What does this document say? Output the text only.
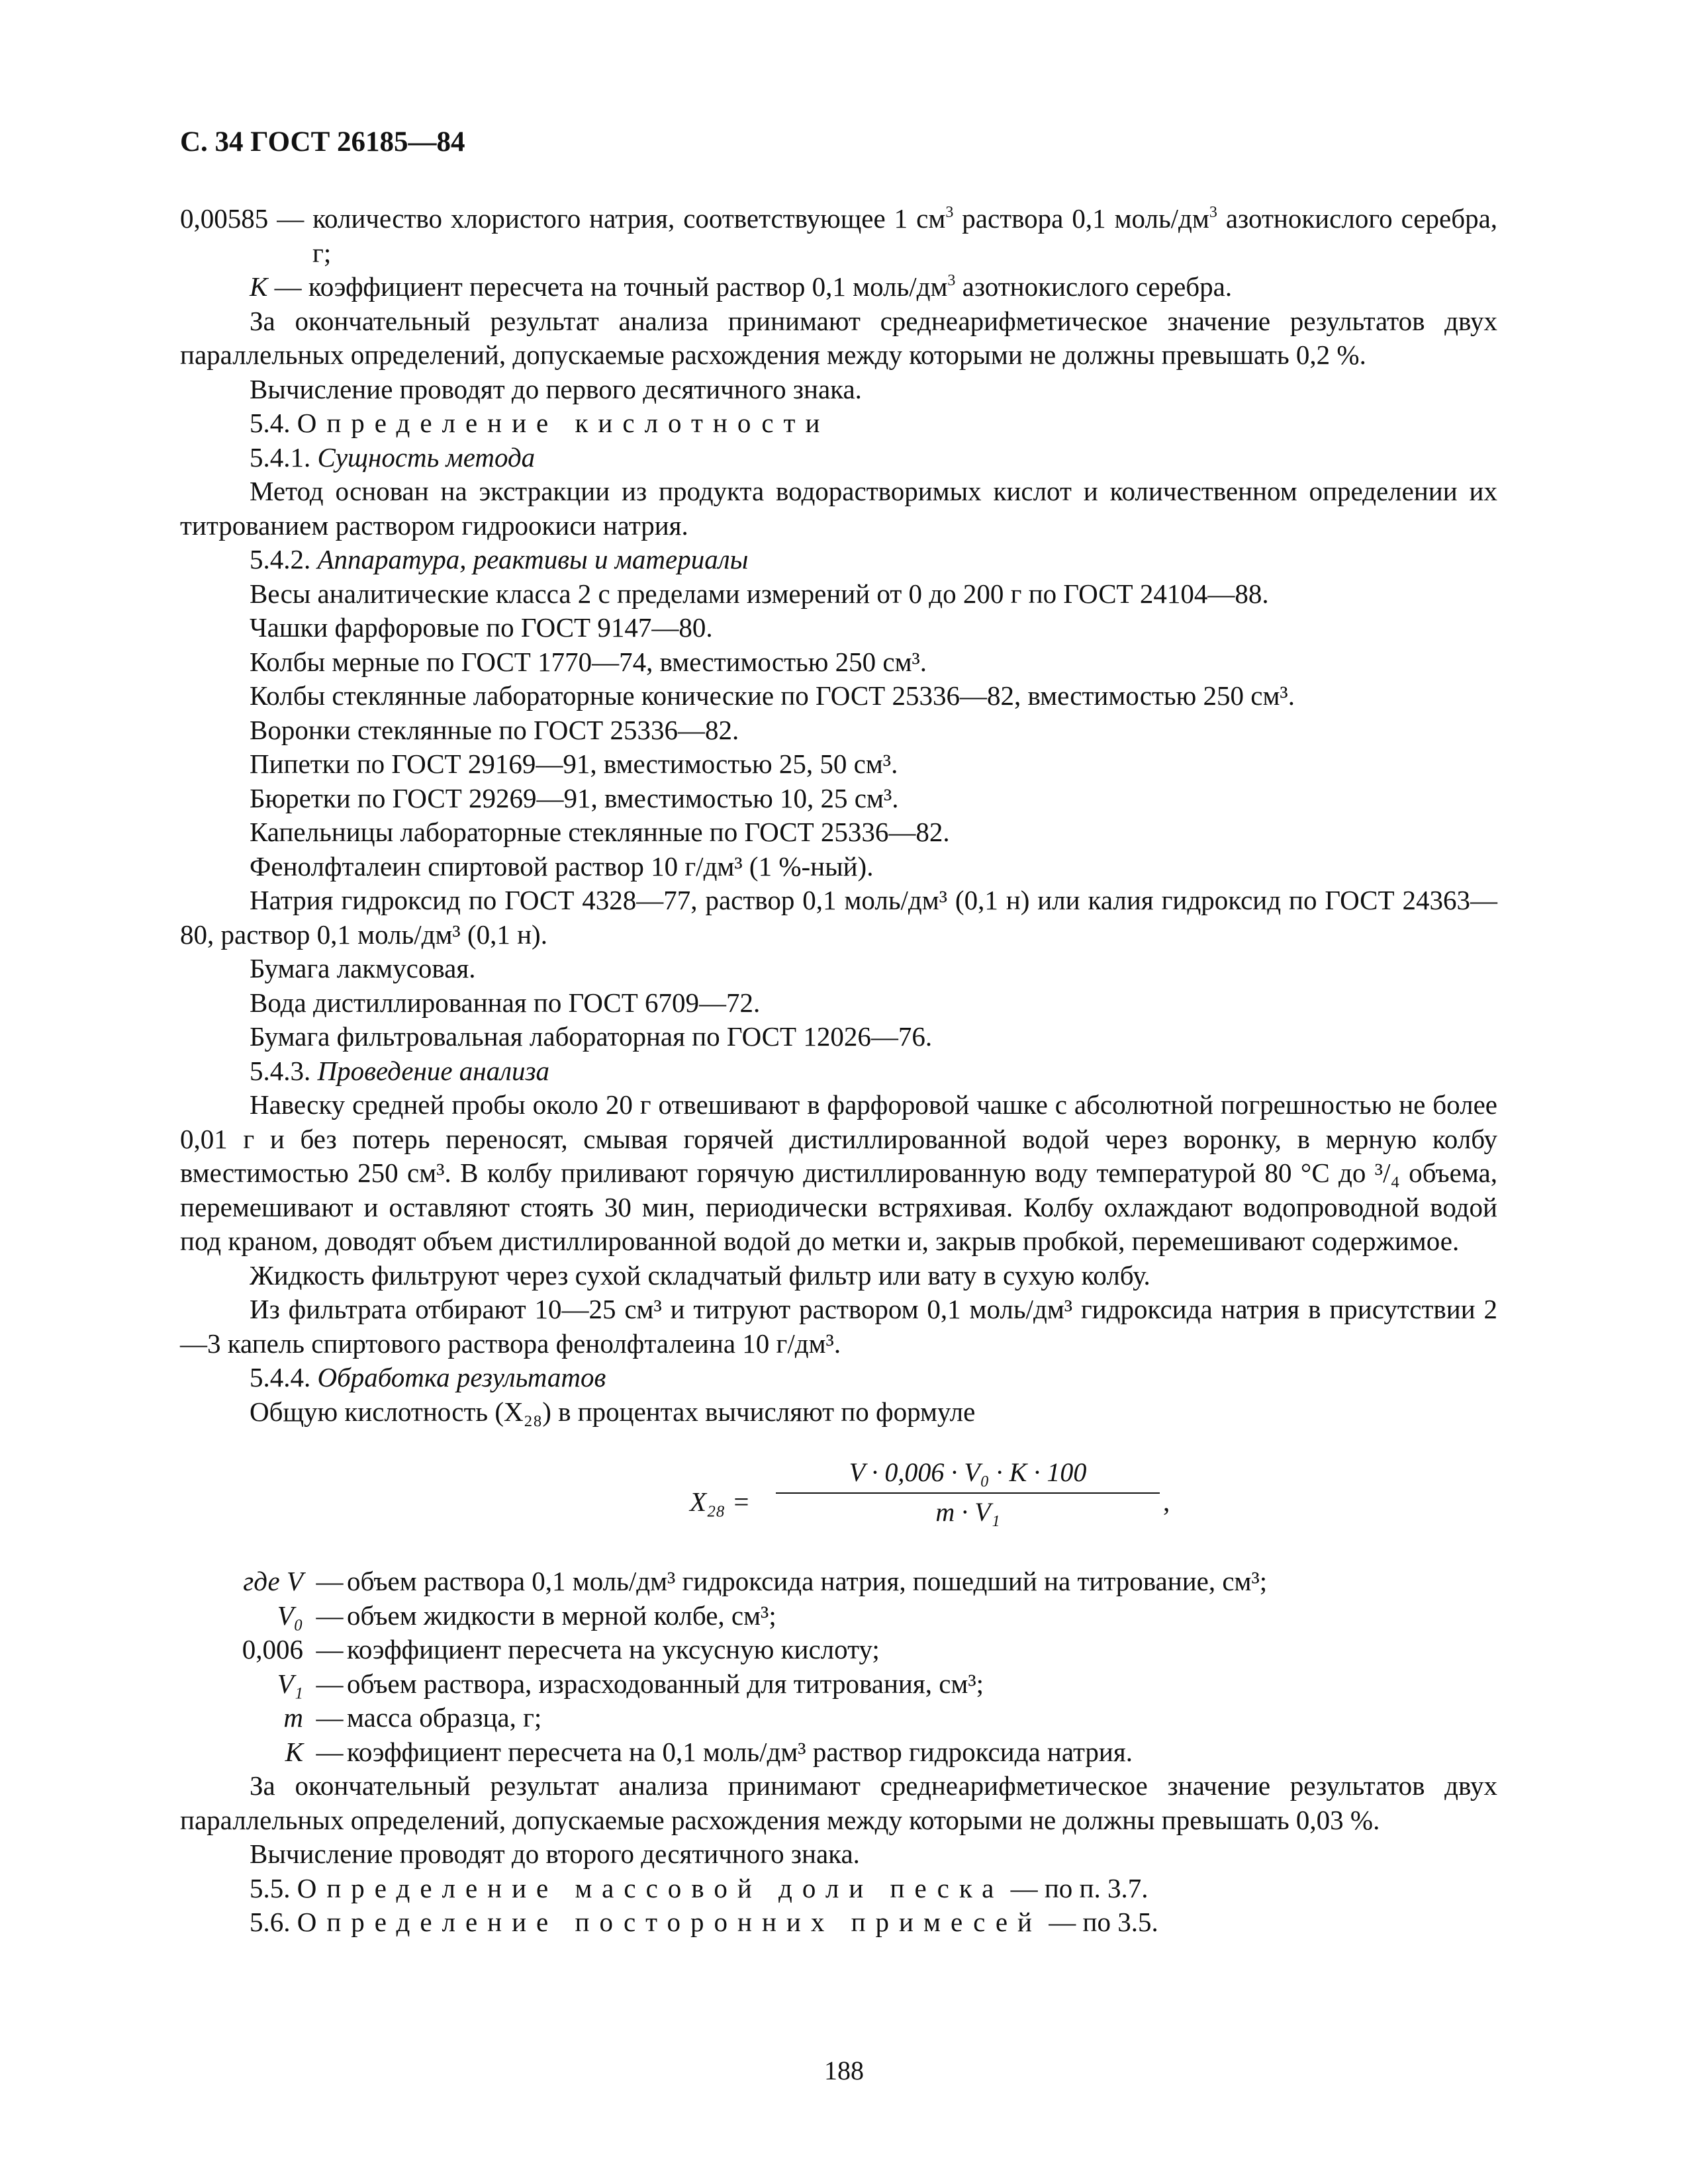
С. 34 ГОСТ 26185—84

0,00585 — количество хлористого натрия, соответствующее 1 $см^3$ раствора 0,1 моль/$дм^3$ азотнокислого серебра, г;

K — коэффициент пересчета на точный раствор 0,1 моль/$дм^3$ азотнокислого серебра.

За окончательный результат анализа принимают среднеарифметическое значение результатов двух параллельных определений, допускаемые расхождения между которыми не должны превышать 0,2 %.

Вычисление проводят до первого десятичного знака.

5.4. Определение кислотности

5.4.1. Сущность метода

Метод основан на экстракции из продукта водорастворимых кислот и количественном определении их титрованием раствором гидроокиси натрия.

5.4.2. Аппаратура, реактивы и материалы

Весы аналитические класса 2 с пределами измерений от 0 до 200 г по ГОСТ 24104—88.

Чашки фарфоровые по ГОСТ 9147—80.

Колбы мерные по ГОСТ 1770—74, вместимостью 250 см³.

Колбы стеклянные лабораторные конические по ГОСТ 25336—82, вместимостью 250 см³.

Воронки стеклянные по ГОСТ 25336—82.

Пипетки по ГОСТ 29169—91, вместимостью 25, 50 см³.

Бюретки по ГОСТ 29269—91, вместимостью 10, 25 см³.

Капельницы лабораторные стеклянные по ГОСТ 25336—82.

Фенолфталеин спиртовой раствор 10 г/дм³ (1 %-ный).

Натрия гидроксид по ГОСТ 4328—77, раствор 0,1 моль/дм³ (0,1 н) или калия гидроксид по ГОСТ 24363—80, раствор 0,1 моль/дм³ (0,1 н).

Бумага лакмусовая.

Вода дистиллированная по ГОСТ 6709—72.

Бумага фильтровальная лабораторная по ГОСТ 12026—76.

5.4.3. Проведение анализа

Навеску средней пробы около 20 г отвешивают в фарфоровой чашке с абсолютной погрешностью не более 0,01 г и без потерь переносят, смывая горячей дистиллированной водой через воронку, в мерную колбу вместимостью 250 см³. В колбу приливают горячую дистиллированную воду температурой 80 °С до ³/₄ объема, перемешивают и оставляют стоять 30 мин, периодически встряхивая. Колбу охлаждают водопроводной водой под краном, доводят объем дистиллированной водой до метки и, закрыв пробкой, перемешивают содержимое.

Жидкость фильтруют через сухой складчатый фильтр или вату в сухую колбу.

Из фильтрата отбирают 10—25 см³ и титруют раствором 0,1 моль/дм³ гидроксида натрия в присутствии 2—3 капель спиртового раствора фенолфталеина 10 г/дм³.

5.4.4. Обработка результатов

Общую кислотность (X₂₈) в процентах вычисляют по формуле

$X_{28} = \frac{\text{V · 0,006 · V₀ · K · 100}}{\text{m · V₁}}$ ,
где V — объем раствора 0,1 моль/дм³ гидроксида натрия, пошедший на титрование, см³;
V₀ — объем жидкости в мерной колбе, см³;
0,006 — коэффициент пересчета на уксусную кислоту;
V₁ — объем раствора, израсходованный для титрования, см³;
m — масса образца, г;
K — коэффициент пересчета на 0,1 моль/дм³ раствор гидроксида натрия.

За окончательный результат анализа принимают среднеарифметическое значение результатов двух параллельных определений, допускаемые расхождения между которыми не должны превышать 0,03 %.

Вычисление проводят до второго десятичного знака.

5.5. Определение массовой доли песка — по п. 3.7.

5.6. Определение посторонних примесей — по 3.5.

188
